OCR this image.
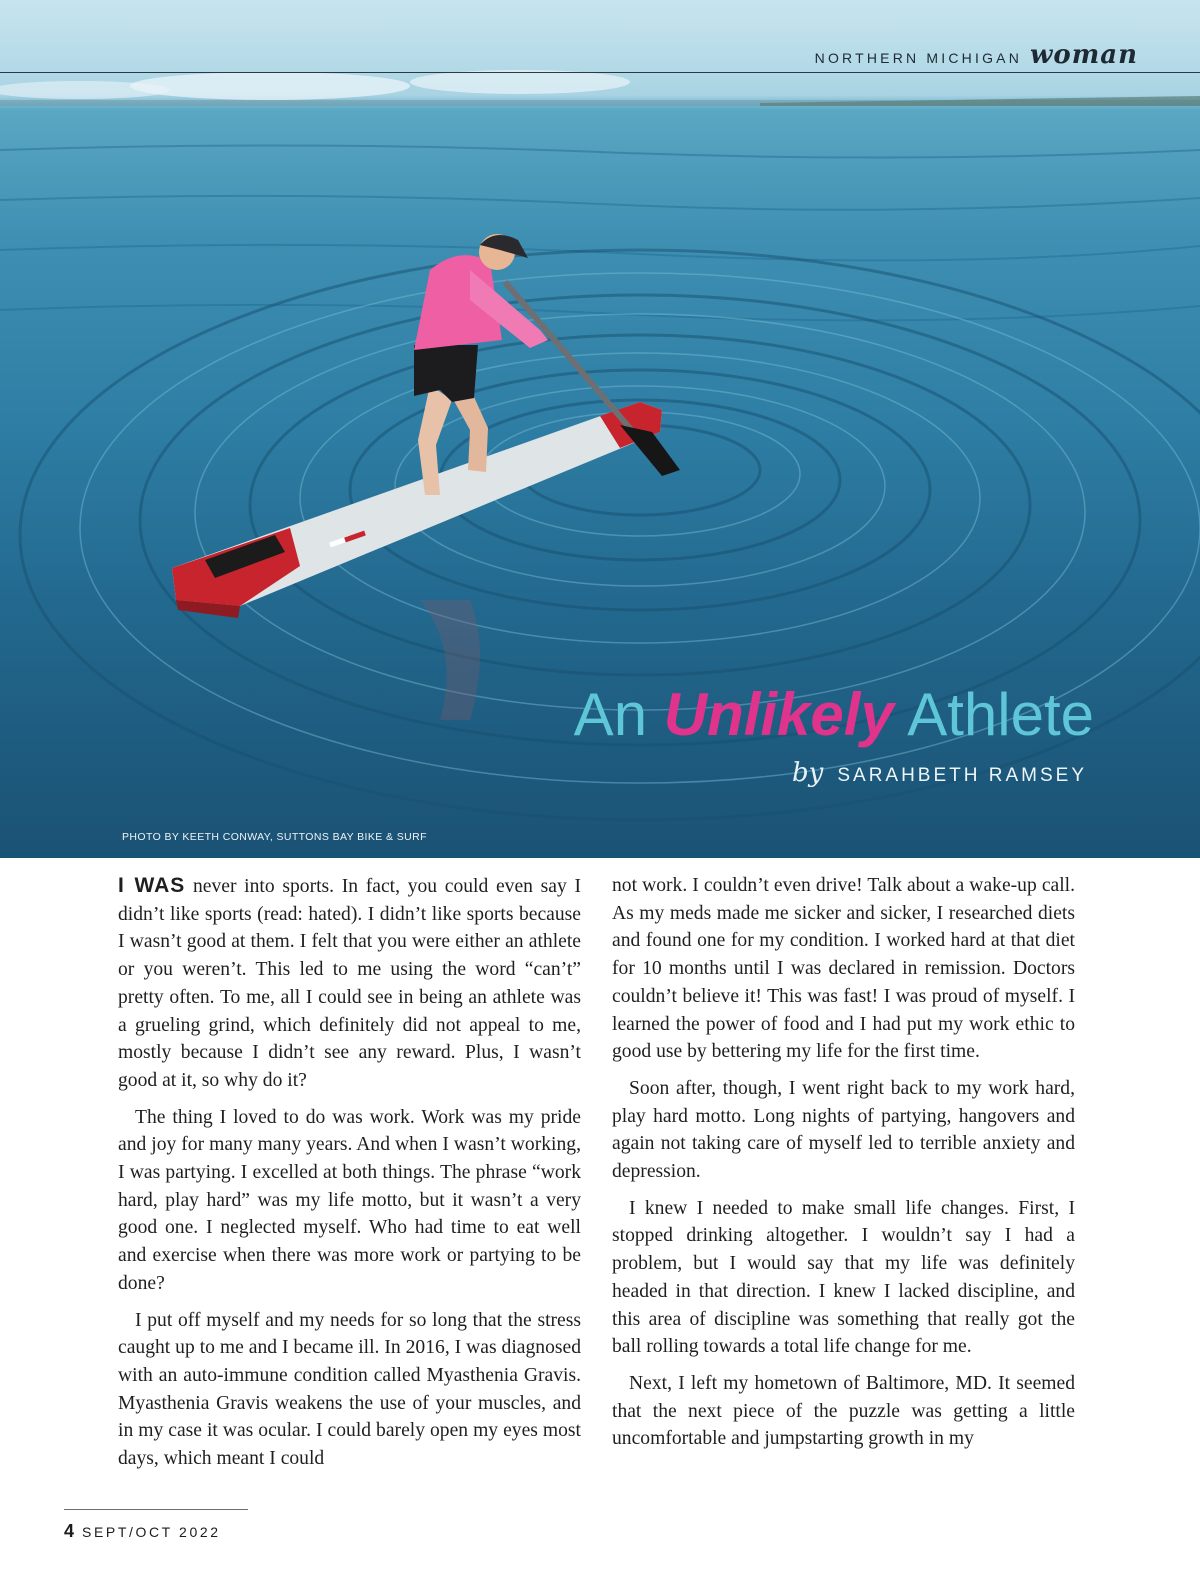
NORTHERN MICHIGAN woman
An Unlikely Athlete
by SARAHBETH RAMSEY
PHOTO BY KEETH CONWAY, SUTTONS BAY BIKE & SURF

I WAS never into sports. In fact, you could even say I didn’t like sports (read: hated). I didn’t like sports because I wasn’t good at them. I felt that you were either an athlete or you weren’t. This led to me using the word “can’t” pretty often. To me, all I could see in being an athlete was a grueling grind, which definitely did not appeal to me, mostly because I didn’t see any reward. Plus, I wasn’t good at it, so why do it?

The thing I loved to do was work. Work was my pride and joy for many many years. And when I wasn’t working, I was partying. I excelled at both things. The phrase “work hard, play hard” was my life motto, but it wasn’t a very good one. I neglected myself. Who had time to eat well and exercise when there was more work or partying to be done?

I put off myself and my needs for so long that the stress caught up to me and I became ill. In 2016, I was diagnosed with an auto-immune condition called Myasthenia Gravis. Myasthenia Gravis weakens the use of your muscles, and in my case it was ocular. I could barely open my eyes most days, which meant I could

not work. I couldn’t even drive! Talk about a wake-up call. As my meds made me sicker and sicker, I researched diets and found one for my condition. I worked hard at that diet for 10 months until I was declared in remission. Doctors couldn’t believe it! This was fast! I was proud of myself. I learned the power of food and I had put my work ethic to good use by bettering my life for the first time.

Soon after, though, I went right back to my work hard, play hard motto. Long nights of partying, hangovers and again not taking care of myself led to terrible anxiety and depression.

I knew I needed to make small life changes. First, I stopped drinking altogether. I wouldn’t say I had a problem, but I would say that my life was definitely headed in that direction. I knew I lacked discipline, and this area of discipline was something that really got the ball rolling towards a total life change for me.

Next, I left my hometown of Baltimore, MD. It seemed that the next piece of the puzzle was getting a little uncomfortable and jumpstarting growth in my

4 SEPT/OCT 2022
